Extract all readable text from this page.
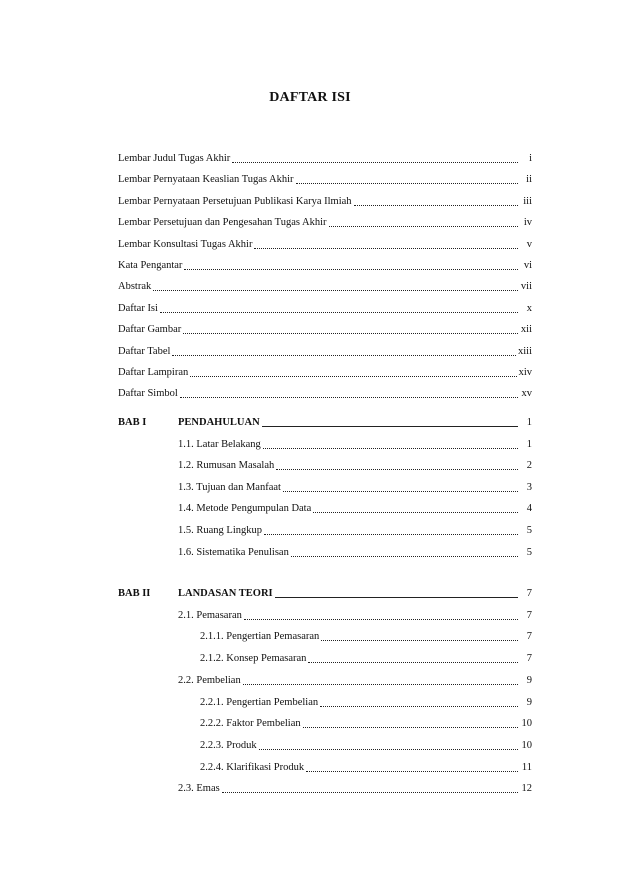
DAFTAR ISI
Lembar Judul Tugas Akhir	i
Lembar Pernyataan Keaslian Tugas Akhir	ii
Lembar Pernyataan Persetujuan Publikasi Karya Ilmiah	iii
Lembar Persetujuan dan Pengesahan Tugas Akhir	iv
Lembar Konsultasi Tugas Akhir	v
Kata Pengantar	vi
Abstrak	vii
Daftar Isi	x
Daftar Gambar	xii
Daftar Tabel	xiii
Daftar Lampiran	xiv
Daftar Simbol	xv
BAB I	PENDAHULUAN	1
1.1. Latar Belakang	1
1.2. Rumusan Masalah	2
1.3. Tujuan dan Manfaat	3
1.4. Metode Pengumpulan Data	4
1.5. Ruang Lingkup	5
1.6. Sistematika Penulisan	5
BAB II	LANDASAN TEORI	7
2.1. Pemasaran	7
2.1.1. Pengertian Pemasaran	7
2.1.2. Konsep Pemasaran	7
2.2. Pembelian	9
2.2.1. Pengertian Pembelian	9
2.2.2. Faktor Pembelian	10
2.2.3. Produk	10
2.2.4. Klarifikasi Produk	11
2.3. Emas	12
